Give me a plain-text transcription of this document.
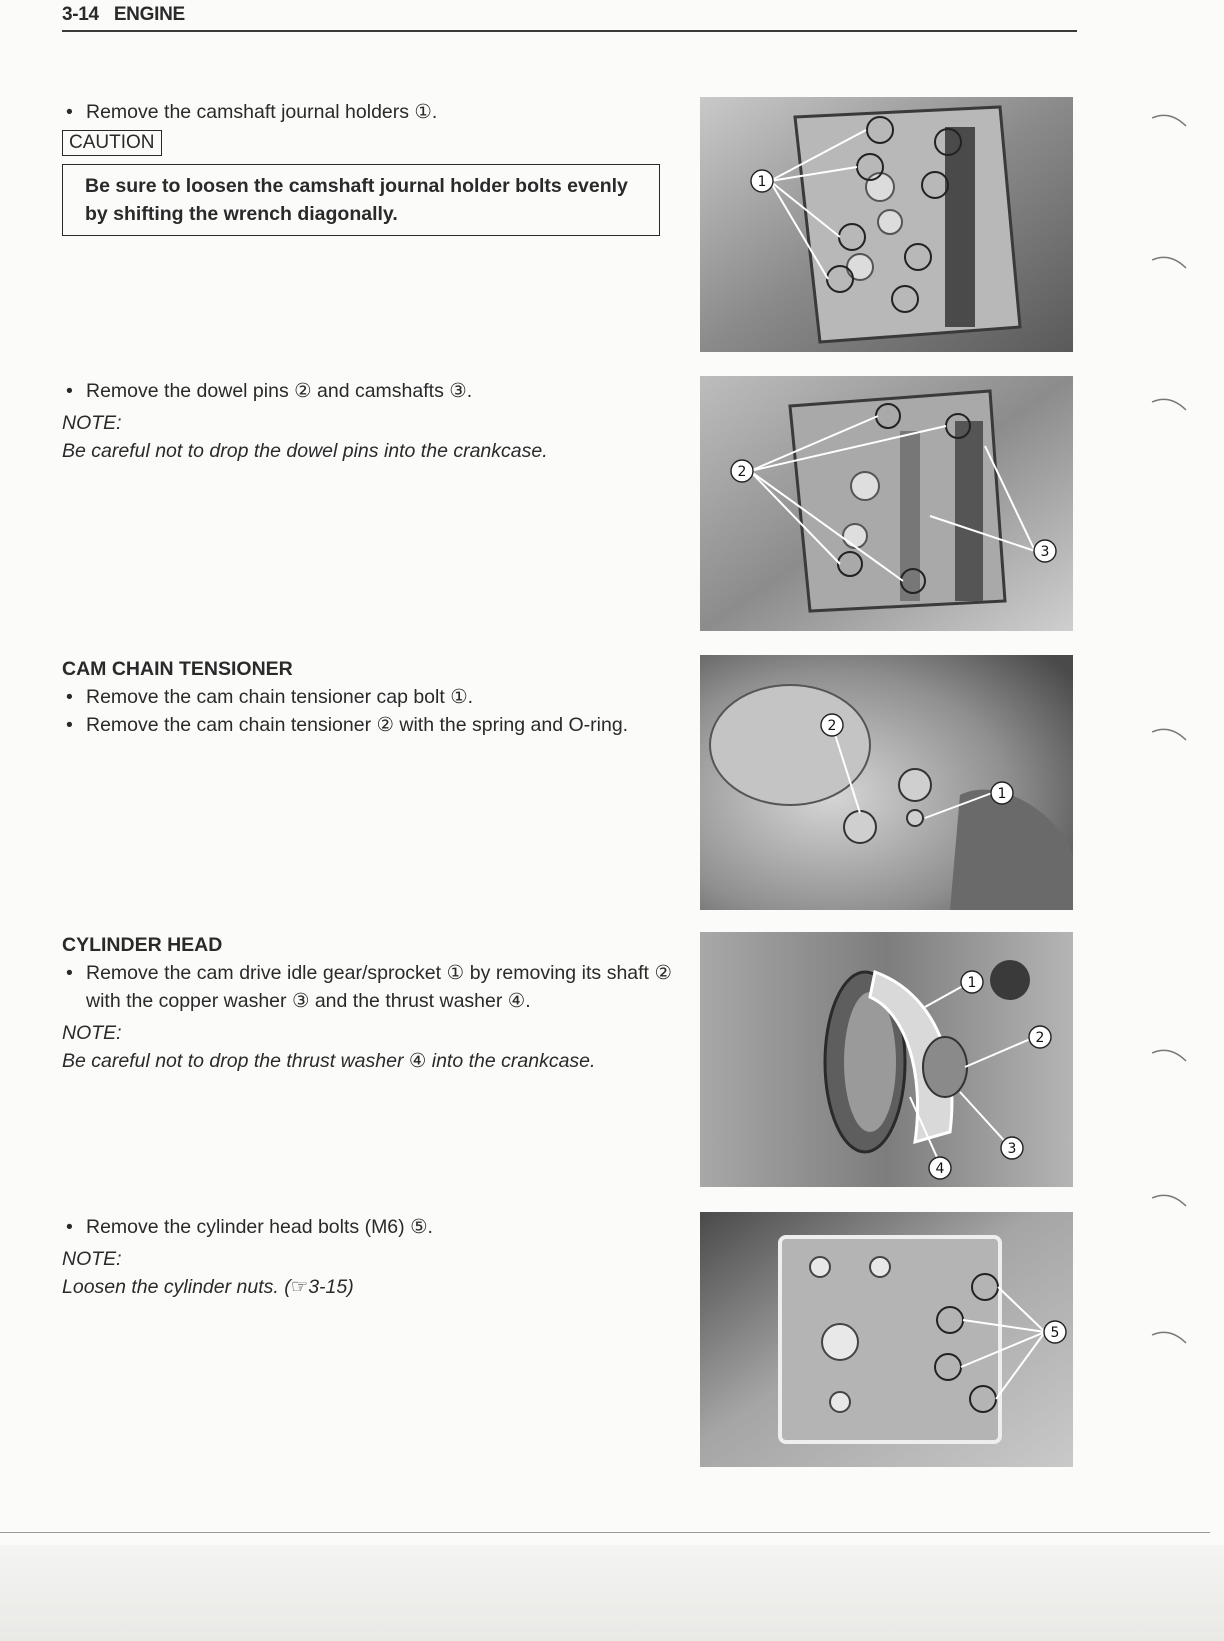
3-14 ENGINE
• Remove the camshaft journal holders ①.
CAUTION
Be sure to loosen the camshaft journal holder bolts evenly by shifting the wrench diagonally.
• Remove the dowel pins ② and camshafts ③.
NOTE:
Be careful not to drop the dowel pins into the crankcase.
CAM CHAIN TENSIONER
• Remove the cam chain tensioner cap bolt ①.
• Remove the cam chain tensioner ② with the spring and O-ring.
CYLINDER HEAD
• Remove the cam drive idle gear/sprocket ① by removing its shaft ② with the copper washer ③ and the thrust washer ④.
NOTE:
Be careful not to drop the thrust washer ④ into the crankcase.
• Remove the cylinder head bolts (M6) ⑤.
NOTE:
Loosen the cylinder nuts. (☞3-15)
1
2
3
2
1
1
2
3
4
5
